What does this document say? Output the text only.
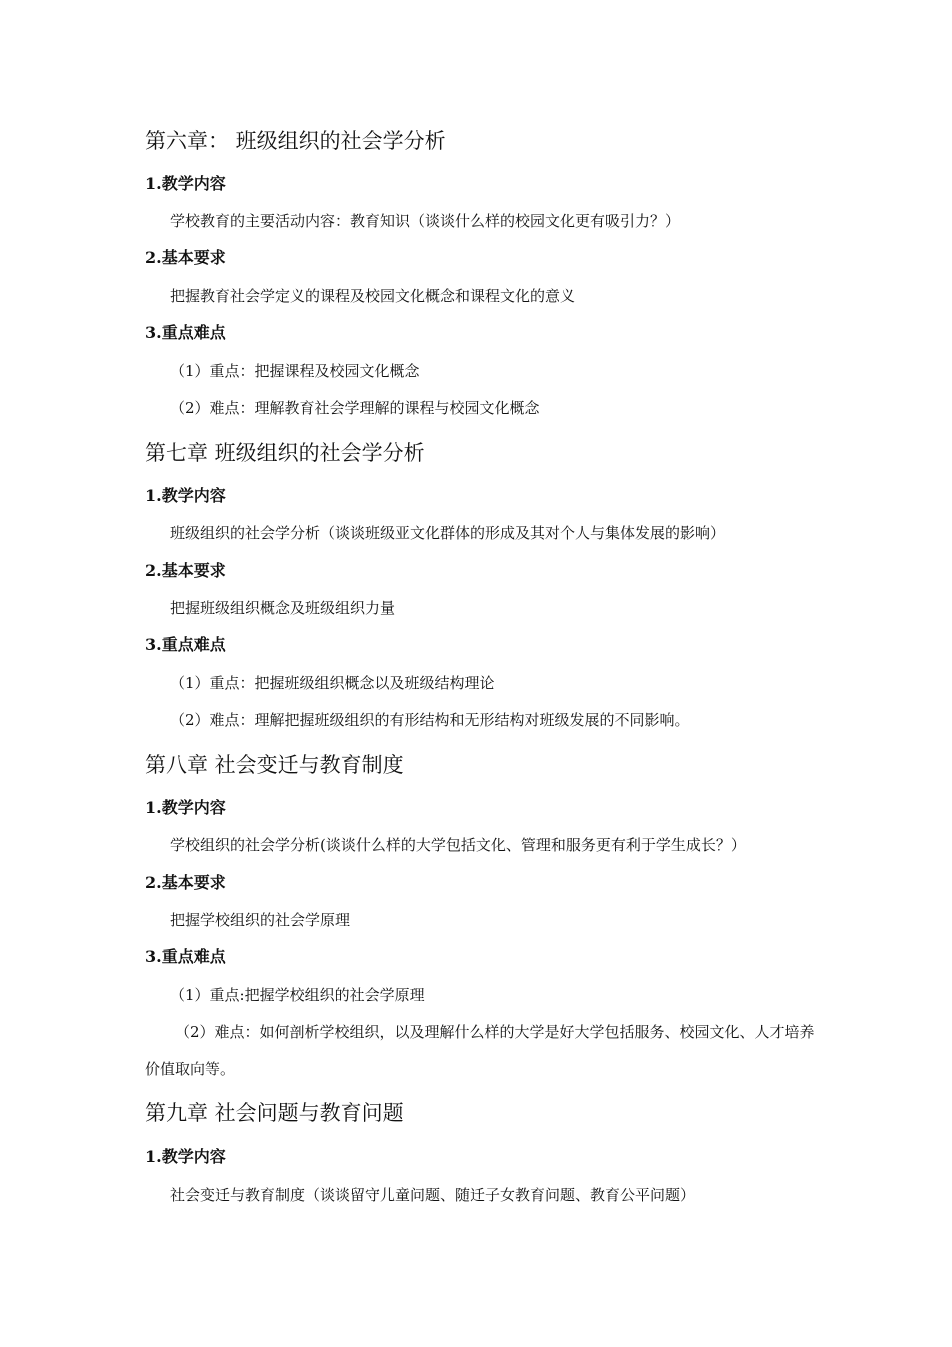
第六章： 班级组织的社会学分析
1.教学内容

学校教育的主要活动内容：教育知识（谈谈什么样的校园文化更有吸引力？）

2.基本要求

把握教育社会学定义的课程及校园文化概念和课程文化的意义

3.重点难点

（1）重点：把握课程及校园文化概念

（2）难点：理解教育社会学理解的课程与校园文化概念

第七章 班级组织的社会学分析
1.教学内容

班级组织的社会学分析（谈谈班级亚文化群体的形成及其对个人与集体发展的影响）

2.基本要求

把握班级组织概念及班级组织力量

3.重点难点

（1）重点：把握班级组织概念以及班级结构理论

（2）难点：理解把握班级组织的有形结构和无形结构对班级发展的不同影响。

第八章 社会变迁与教育制度
1.教学内容

学校组织的社会学分析(谈谈什么样的大学包括文化、管理和服务更有利于学生成长？）

2.基本要求

把握学校组织的社会学原理

3.重点难点

（1）重点:把握学校组织的社会学原理

（2）难点：如何剖析学校组织，以及理解什么样的大学是好大学包括服务、校园文化、人才培养价值取向等。

第九章 社会问题与教育问题
1.教学内容

社会变迁与教育制度（谈谈留守儿童问题、随迁子女教育问题、教育公平问题）
